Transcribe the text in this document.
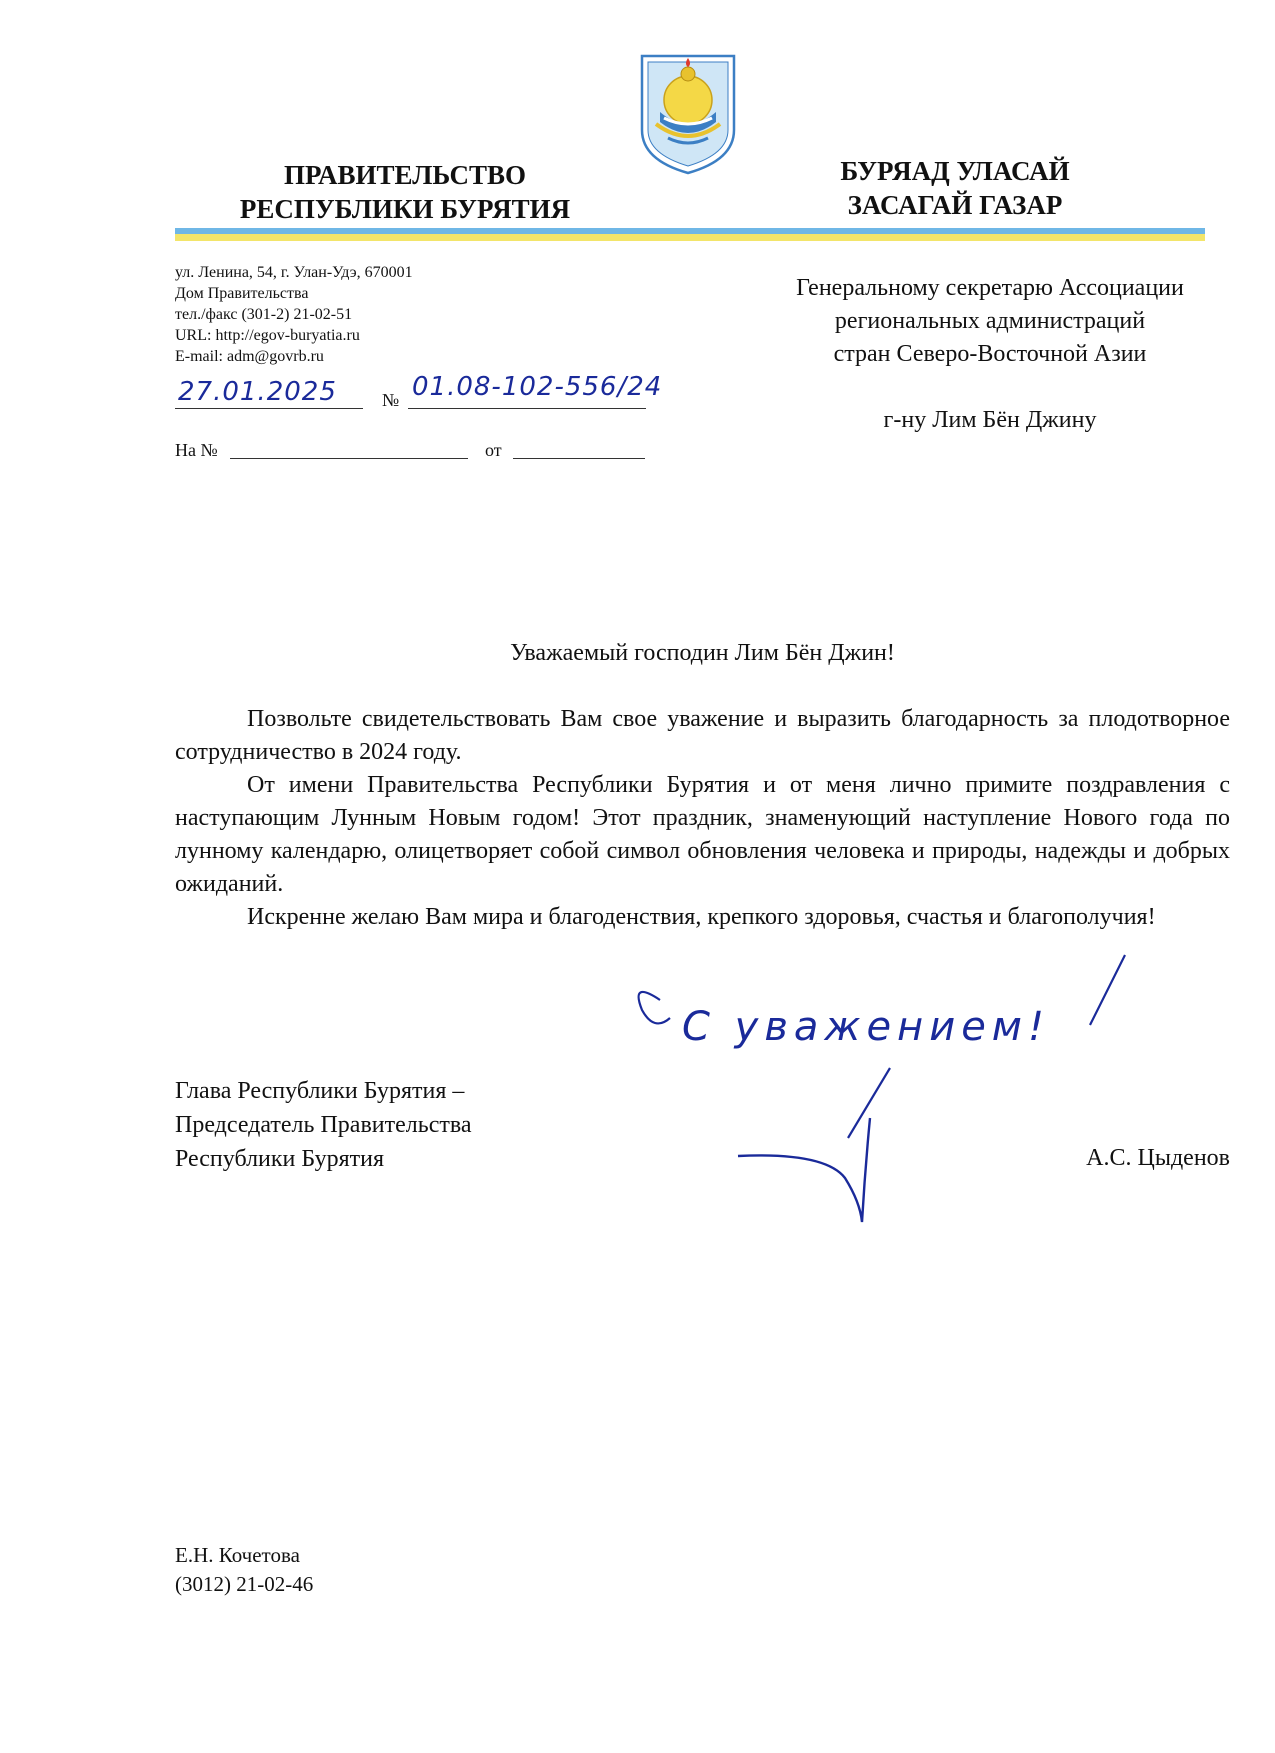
ПРАВИТЕЛЬСТВО
РЕСПУБЛИКИ БУРЯТИЯ
БУРЯАД УЛАСАЙ
ЗАСАГАЙ ГАЗАР
ул. Ленина, 54, г. Улан-Удэ, 670001
Дом Правительства
тел./факс (301-2) 21-02-51
URL: http://egov-buryatia.ru
E-mail: adm@govrb.ru
27.01.2025	№ 01.08-102-556/24
На №	от
Генеральному секретарю Ассоциации
региональных администраций
стран Северо-Восточной Азии
г-ну Лим Бён Джину
Уважаемый господин Лим Бён Джин!

Позвольте свидетельствовать Вам свое уважение и выразить благодарность за плодотворное сотрудничество в 2024 году.

От имени Правительства Республики Бурятия и от меня лично примите поздравления с наступающим Лунным Новым годом! Этот праздник, знаменующий наступление Нового года по лунному календарю, олицетворяет собой символ обновления человека и природы, надежды и добрых ожиданий.

Искренне желаю Вам мира и благоденствия, крепкого здоровья, счастья и благополучия!

С уважением!
Глава Республики Бурятия –
Председатель Правительства
Республики Бурятия	А.С. Цыденов
Е.Н. Кочетова
(3012) 21-02-46
